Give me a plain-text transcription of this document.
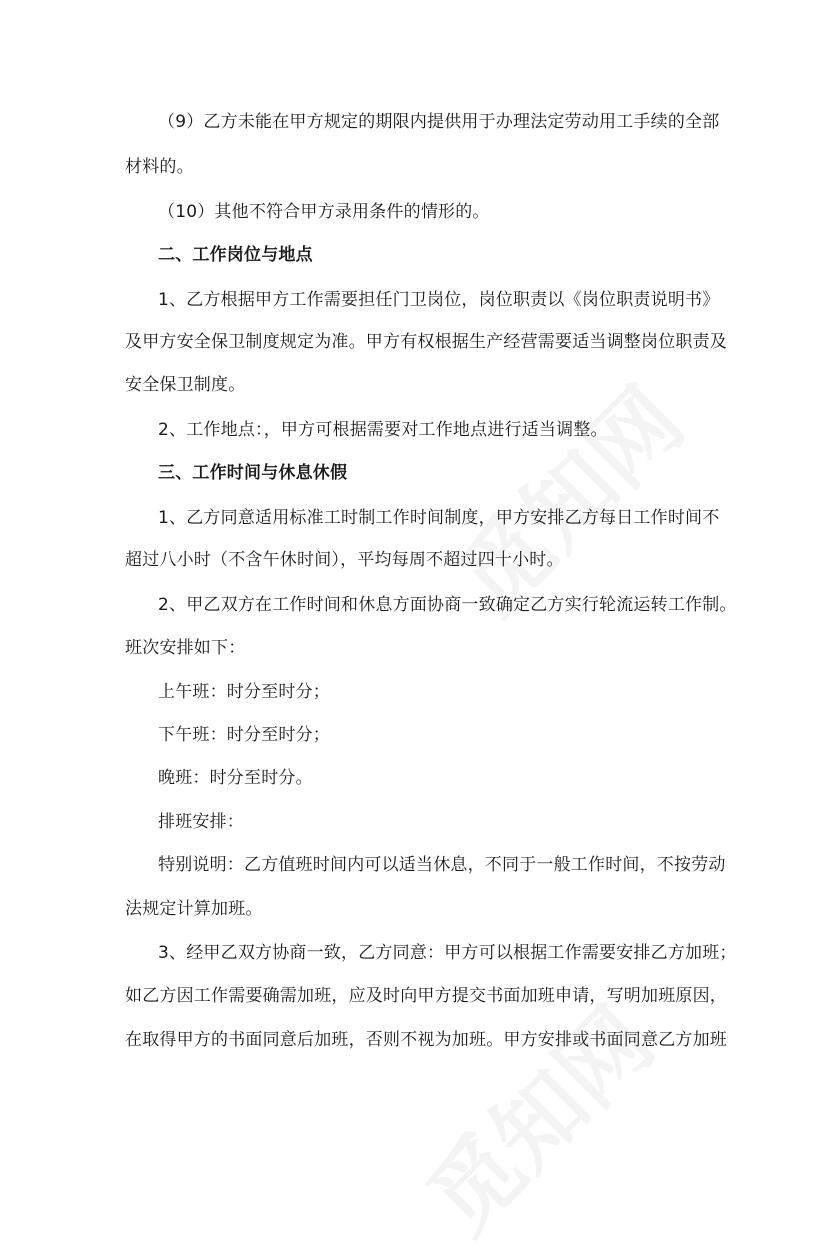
（9）乙方未能在甲方规定的期限内提供用于办理法定劳动用工手续的全部
材料的。
（10）其他不符合甲方录用条件的情形的。
二、工作岗位与地点
1、乙方根据甲方工作需要担任门卫岗位，岗位职责以《岗位职责说明书》
及甲方安全保卫制度规定为准。甲方有权根据生产经营需要适当调整岗位职责及
安全保卫制度。
2、工作地点：，甲方可根据需要对工作地点进行适当调整。
三、工作时间与休息休假
1、乙方同意适用标准工时制工作时间制度，甲方安排乙方每日工作时间不
超过八小时（不含午休时间），平均每周不超过四十小时。
2、甲乙双方在工作时间和休息方面协商一致确定乙方实行轮流运转工作制。
班次安排如下：
上午班：时分至时分；
下午班：时分至时分；
晚班：时分至时分。
排班安排：
特别说明：乙方值班时间内可以适当休息，不同于一般工作时间，不按劳动
法规定计算加班。
3、经甲乙双方协商一致，乙方同意：甲方可以根据工作需要安排乙方加班；
如乙方因工作需要确需加班，应及时向甲方提交书面加班申请，写明加班原因，
在取得甲方的书面同意后加班，否则不视为加班。甲方安排或书面同意乙方加班
